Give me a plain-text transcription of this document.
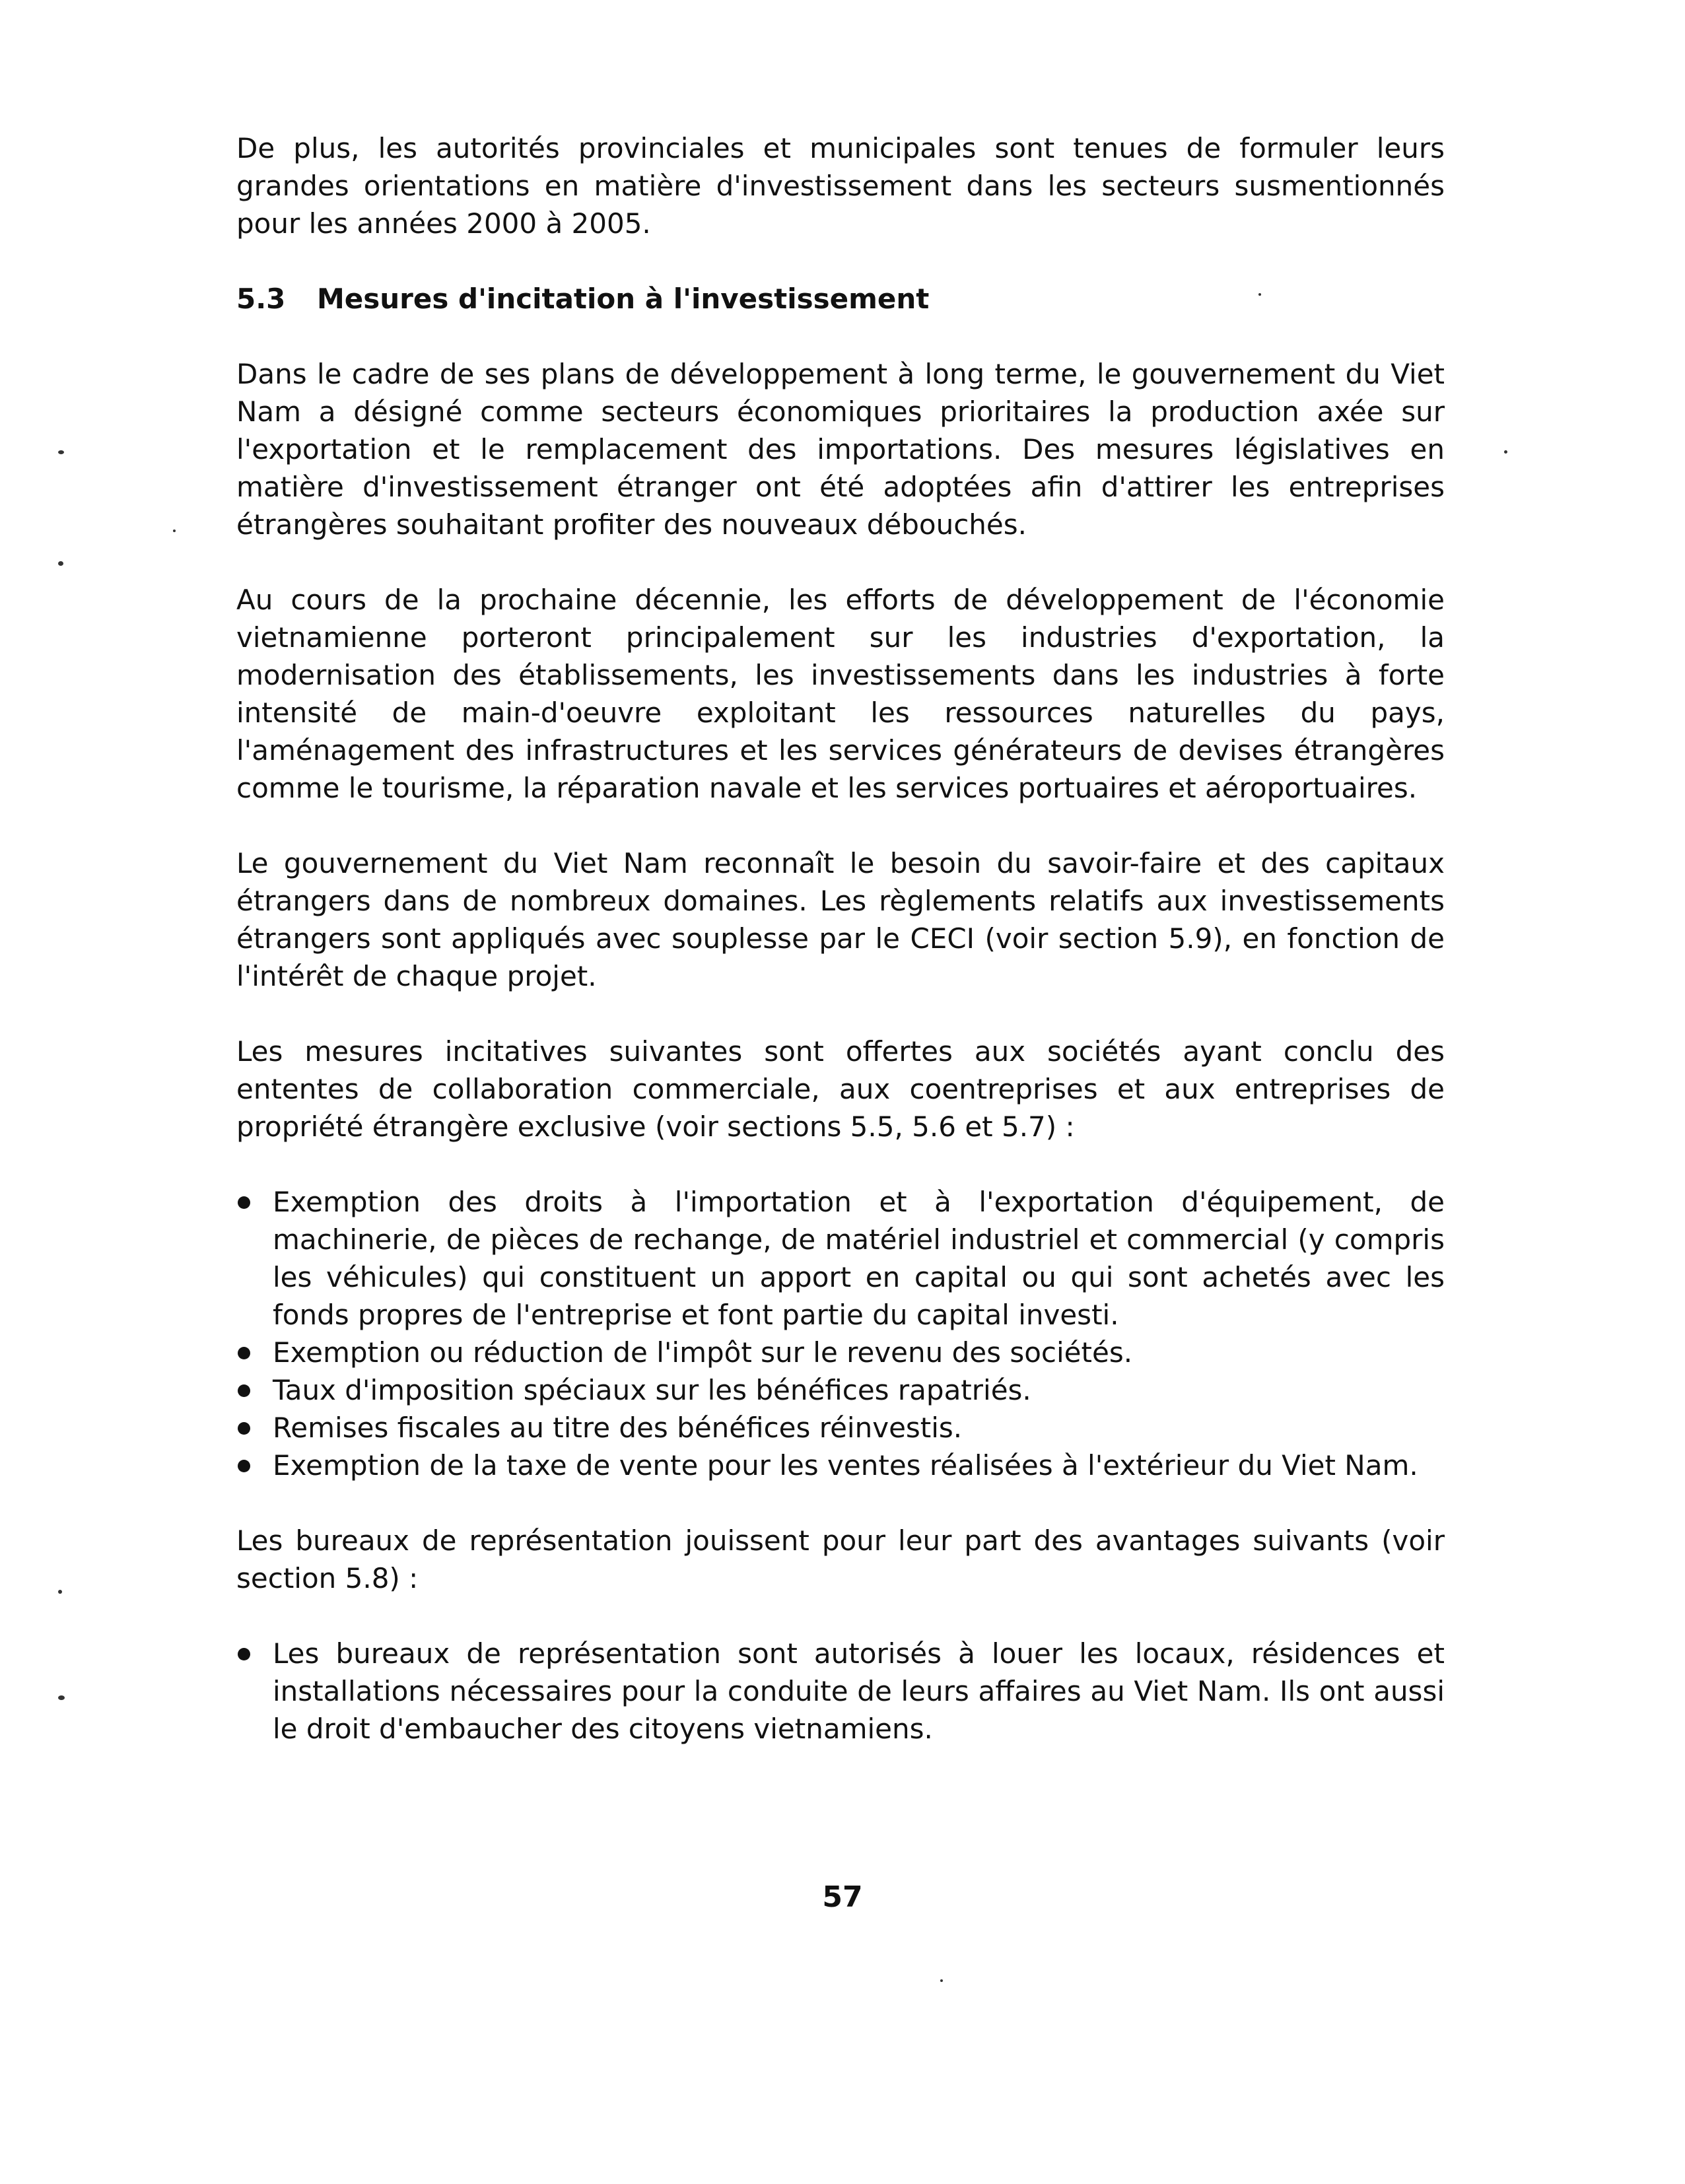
De plus, les autorités provinciales et municipales sont tenues de formuler leurs grandes orientations en matière d'investissement dans les secteurs susmentionnés pour les années 2000 à 2005.

5.3 Mesures d'incitation à l'investissement

Dans le cadre de ses plans de développement à long terme, le gouvernement du Viet Nam a désigné comme secteurs économiques prioritaires la production axée sur l'exportation et le remplacement des importations. Des mesures législatives en matière d'investissement étranger ont été adoptées afin d'attirer les entreprises étrangères souhaitant profiter des nouveaux débouchés.

Au cours de la prochaine décennie, les efforts de développement de l'économie vietnamienne porteront principalement sur les industries d'exportation, la modernisation des établissements, les investissements dans les industries à forte intensité de main-d'oeuvre exploitant les ressources naturelles du pays, l'aménagement des infrastructures et les services générateurs de devises étrangères comme le tourisme, la réparation navale et les services portuaires et aéroportuaires.

Le gouvernement du Viet Nam reconnaît le besoin du savoir-faire et des capitaux étrangers dans de nombreux domaines. Les règlements relatifs aux investissements étrangers sont appliqués avec souplesse par le CECI (voir section 5.9), en fonction de l'intérêt de chaque projet.

Les mesures incitatives suivantes sont offertes aux sociétés ayant conclu des ententes de collaboration commerciale, aux coentreprises et aux entreprises de propriété étrangère exclusive (voir sections 5.5, 5.6 et 5.7) :

Exemption des droits à l'importation et à l'exportation d'équipement, de machinerie, de pièces de rechange, de matériel industriel et commercial (y compris les véhicules) qui constituent un apport en capital ou qui sont achetés avec les fonds propres de l'entreprise et font partie du capital investi.
Exemption ou réduction de l'impôt sur le revenu des sociétés.
Taux d'imposition spéciaux sur les bénéfices rapatriés.
Remises fiscales au titre des bénéfices réinvestis.
Exemption de la taxe de vente pour les ventes réalisées à l'extérieur du Viet Nam.

Les bureaux de représentation jouissent pour leur part des avantages suivants (voir section 5.8) :

Les bureaux de représentation sont autorisés à louer les locaux, résidences et installations nécessaires pour la conduite de leurs affaires au Viet Nam. Ils ont aussi le droit d'embaucher des citoyens vietnamiens.
57
